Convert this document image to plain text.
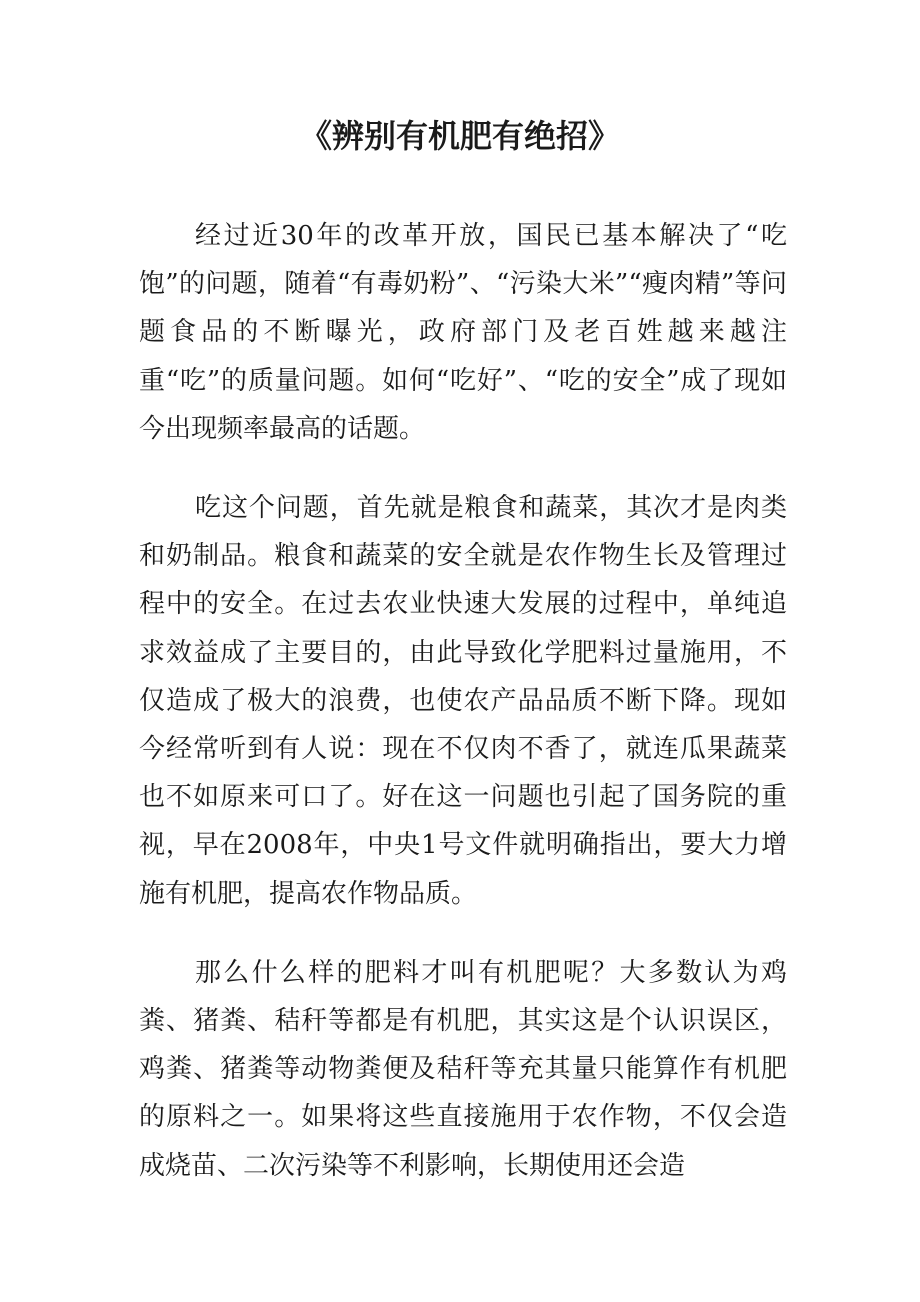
《辨别有机肥有绝招》

经过近30年的改革开放，国民已基本解决了“吃饱”的问题，随着“有毒奶粉”、“污染大米”“瘦肉精”等问题食品的不断曝光，政府部门及老百姓越来越注重“吃”的质量问题。如何“吃好”、“吃的安全”成了现如今出现频率最高的话题。

吃这个问题，首先就是粮食和蔬菜，其次才是肉类和奶制品。粮食和蔬菜的安全就是农作物生长及管理过程中的安全。在过去农业快速大发展的过程中，单纯追求效益成了主要目的，由此导致化学肥料过量施用，不仅造成了极大的浪费，也使农产品品质不断下降。现如今经常听到有人说：现在不仅肉不香了，就连瓜果蔬菜也不如原来可口了。好在这一问题也引起了国务院的重视，早在2008年，中央1号文件就明确指出，要大力增施有机肥，提高农作物品质。

那么什么样的肥料才叫有机肥呢？大多数认为鸡粪、猪粪、秸秆等都是有机肥，其实这是个认识误区，鸡粪、猪粪等动物粪便及秸秆等充其量只能算作有机肥的原料之一。如果将这些直接施用于农作物，不仅会造成烧苗、二次污染等不利影响，长期使用还会造
